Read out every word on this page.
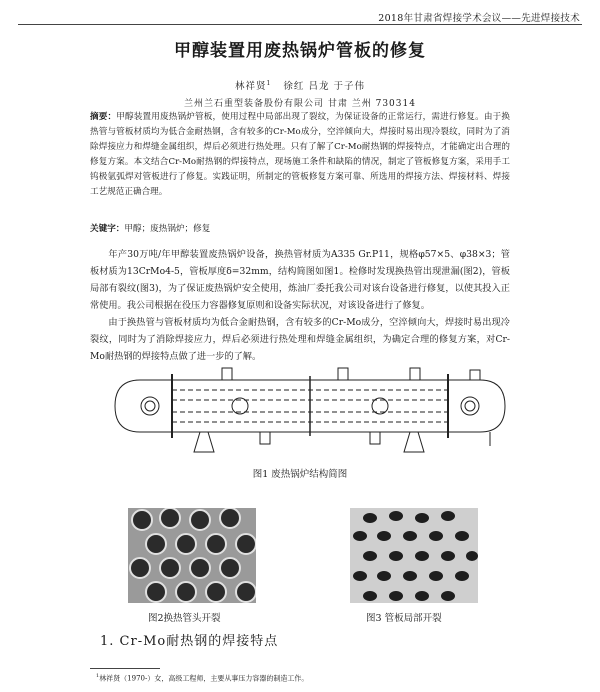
2018年甘肃省焊接学术会议——先进焊接技术
甲醇装置用废热锅炉管板的修复
林祥贤$^1$ 徐红 吕龙 于子伟
兰州兰石重型装备股份有限公司 甘肃 兰州 730314
摘要：甲醇装置用废热锅炉管板，使用过程中局部出现了裂纹，为保证设备的正常运行，需进行修复。由于换热管与管板材质均为低合金耐热钢，含有较多的Cr-Mo成分，空淬倾向大，焊接时易出现冷裂纹，同时为了消除焊接应力和焊缝金属组织，焊后必须进行热处理。只有了解了Cr-Mo耐热钢的焊接特点，才能确定出合理的修复方案。本文结合Cr-Mo耐热钢的焊接特点，现场施工条件和缺陷的情况，制定了管板修复方案，采用手工钨极氩弧焊对管板进行了修复。实践证明，所制定的管板修复方案可靠、所选用的焊接方法、焊接材料、焊接工艺规范正确合理。
关键字：甲醇；废热锅炉；修复

年产30万吨/年甲醇装置废热锅炉设备，换热管材质为A335 Gr.P11，规格φ57×5、φ38×3；管板材质为13CrMo4-5，管板厚度δ=32mm，结构简图如图1。检修时发现换热管出现泄漏(图2)，管板局部有裂纹(图3)，为了保证废热锅炉安全使用，炼油厂委托我公司对该台设备进行修复，以使其投入正常使用。我公司根据在役压力容器修复原则和设备实际状况，对该设备进行了修复。

由于换热管与管板材质均为低合金耐热钢，含有较多的Cr-Mo成分，空淬倾向大，焊接时易出现冷裂纹，同时为了消除焊接应力，焊后必须进行热处理和焊缝金属组织，为确定合理的修复方案，对Cr-Mo耐热钢的焊接特点做了进一步的了解。

图1 废热锅炉结构简图
图2换热管头开裂	图3 管板局部开裂
1. Cr-Mo耐热钢的焊接特点
$^1$林祥贤（1970-）女，高级工程师，主要从事压力容器的制造工作。
